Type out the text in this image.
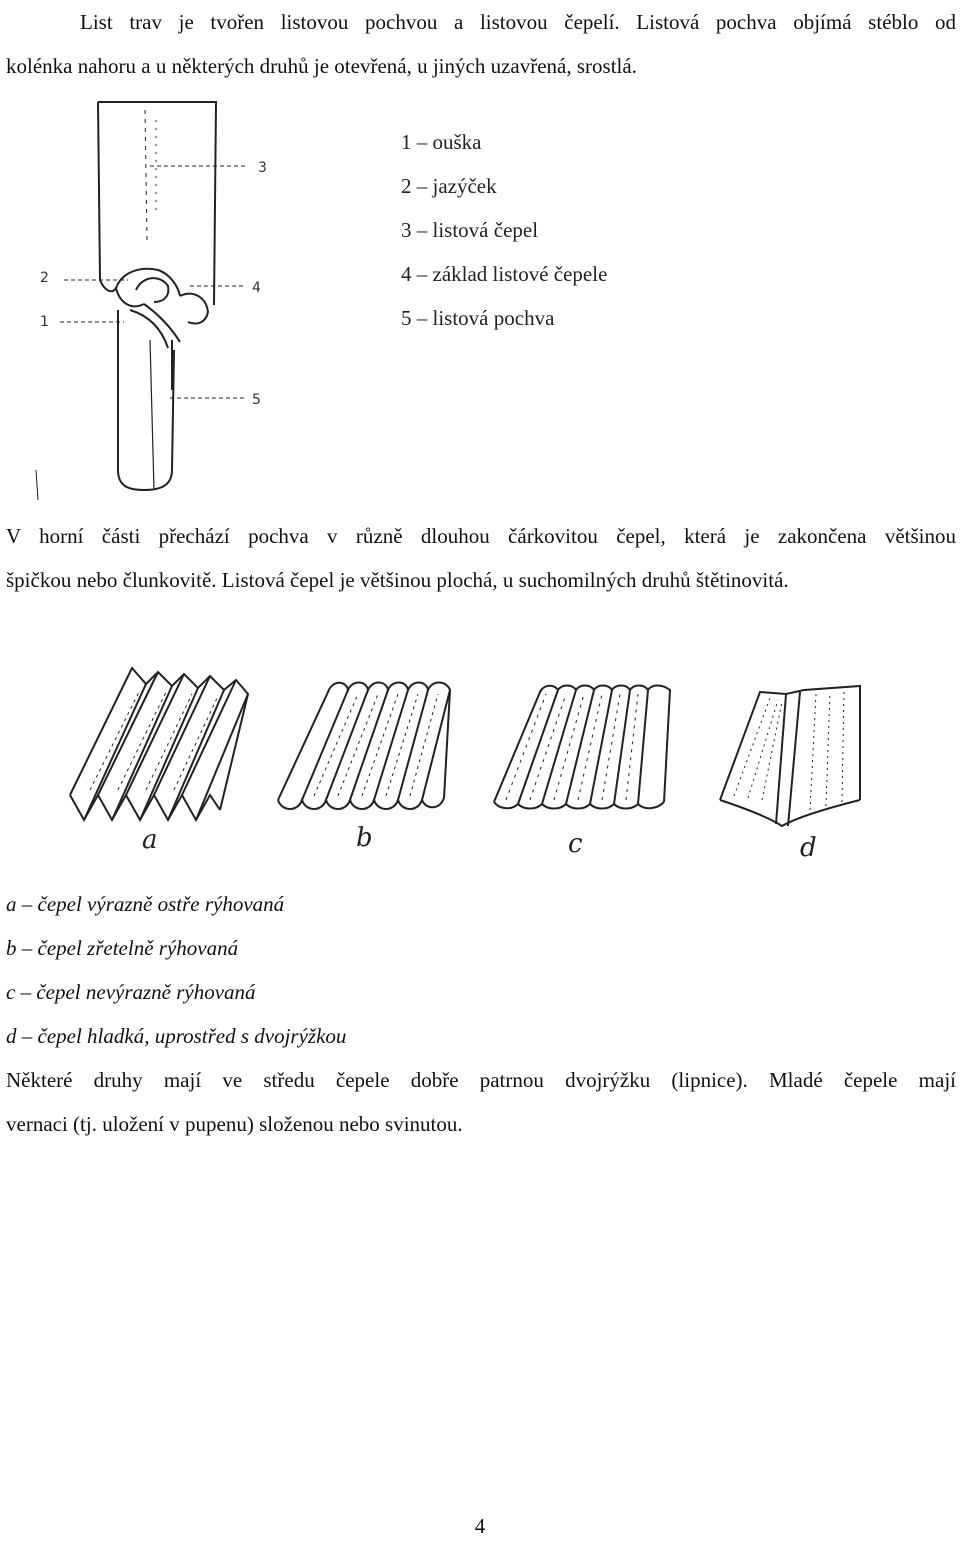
List trav je tvořen listovou pochvou a listovou čepelí. Listová pochva objímá stéblo od
kolénka nahoru a u některých druhů je otevřená, u jiných uzavřená, srostlá.

1
2
3
4
5
1 – ouška
2 – jazýček
3 – listová čepel
4 – základ listové čepele
5 – listová pochva

V horní části přechází pochva v různě dlouhou čárkovitou čepel, která je zakončena většinou
špičkou nebo člunkovitě. Listová čepel je většinou plochá, u suchomilných druhů štětinovitá.

a	b	c	d
a – čepel výrazně ostře rýhovaná
b – čepel zřetelně rýhovaná
c – čepel nevýrazně rýhovaná
d – čepel hladká, uprostřed s dvojrýžkou

Některé druhy mají ve středu čepele dobře patrnou dvojrýžku (lipnice). Mladé čepele mají
vernaci (tj. uložení v pupenu) složenou nebo svinutou.

4
